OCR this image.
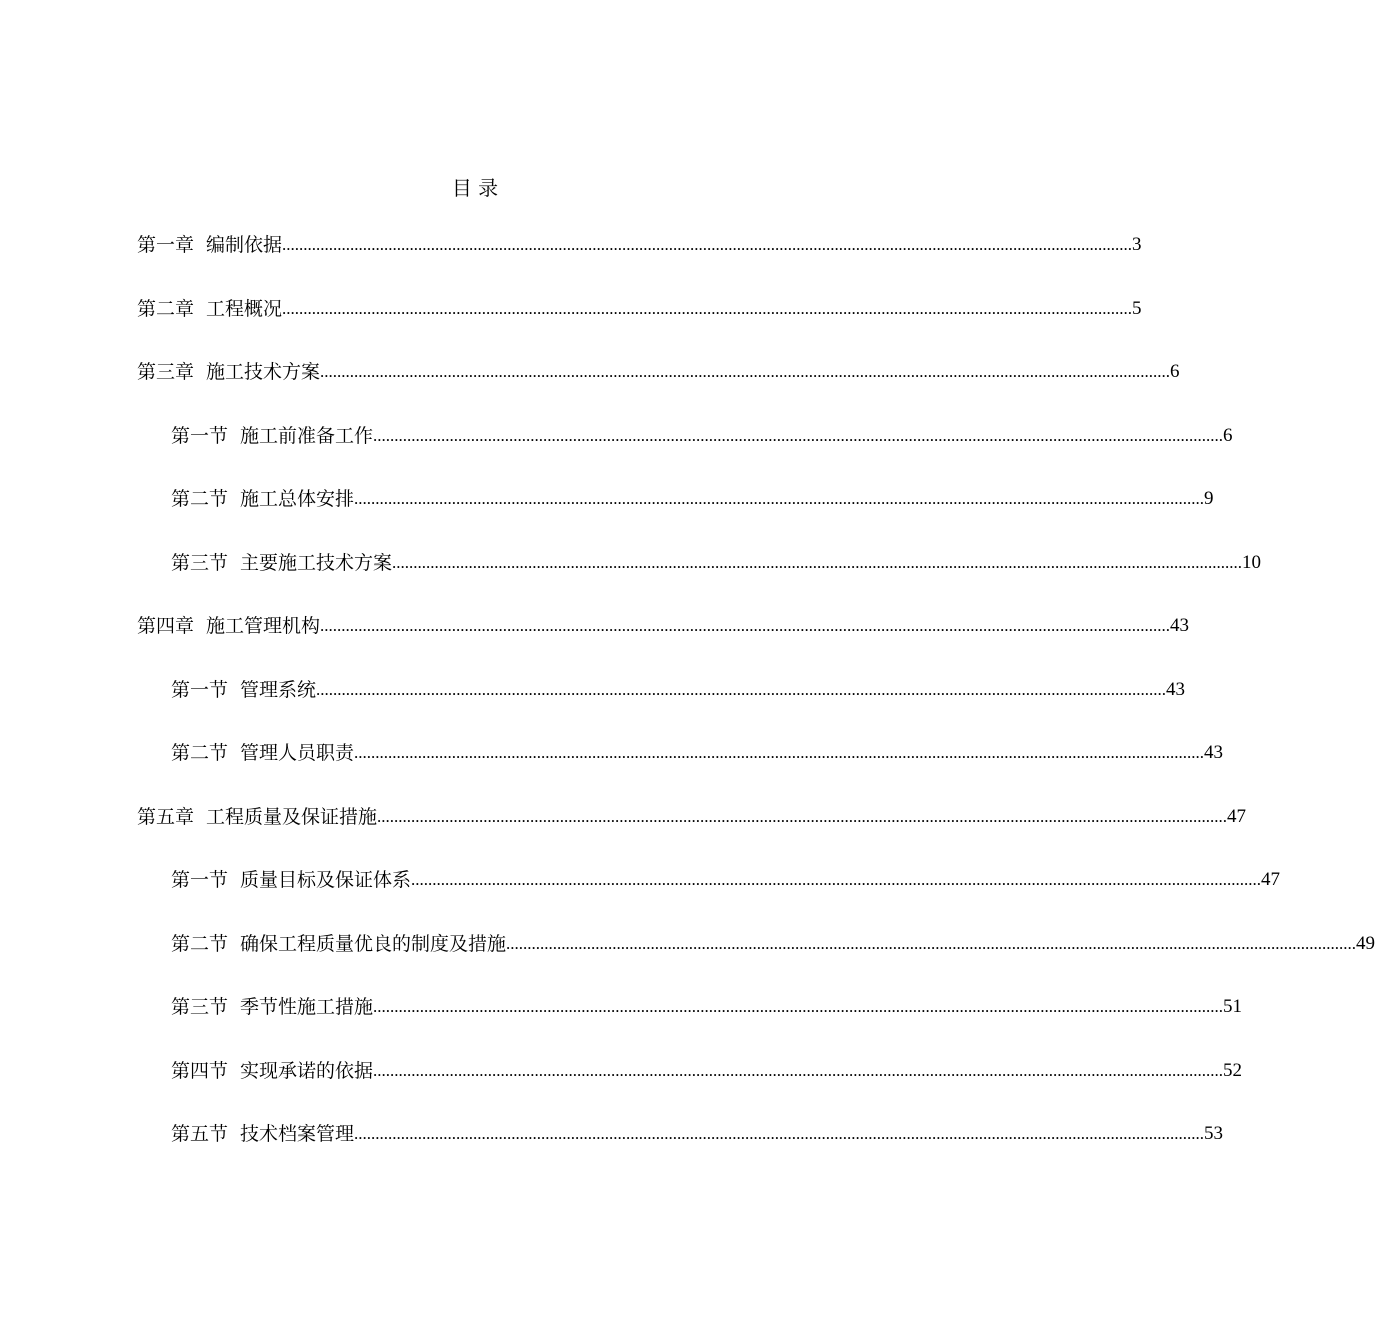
目 录
第一章 编制依据 ........................................................................................................................................................................................................ 3
第二章 工程概况 ........................................................................................................................................................................................................ 5
第三章 施工技术方案 ........................................................................................................................................................................................................ 6
第一节 施工前准备工作 ........................................................................................................................................................................................................ 6
第二节 施工总体安排 ........................................................................................................................................................................................................ 9
第三节 主要施工技术方案 ........................................................................................................................................................................................................ 10
第四章 施工管理机构 ........................................................................................................................................................................................................ 43
第一节 管理系统 ........................................................................................................................................................................................................ 43
第二节 管理人员职责 ........................................................................................................................................................................................................ 43
第五章 工程质量及保证措施 ........................................................................................................................................................................................................ 47
第一节 质量目标及保证体系 ........................................................................................................................................................................................................ 47
第二节 确保工程质量优良的制度及措施 ........................................................................................................................................................................................................ 49
第三节 季节性施工措施 ........................................................................................................................................................................................................ 51
第四节 实现承诺的依据 ........................................................................................................................................................................................................ 52
第五节 技术档案管理 ........................................................................................................................................................................................................ 53
